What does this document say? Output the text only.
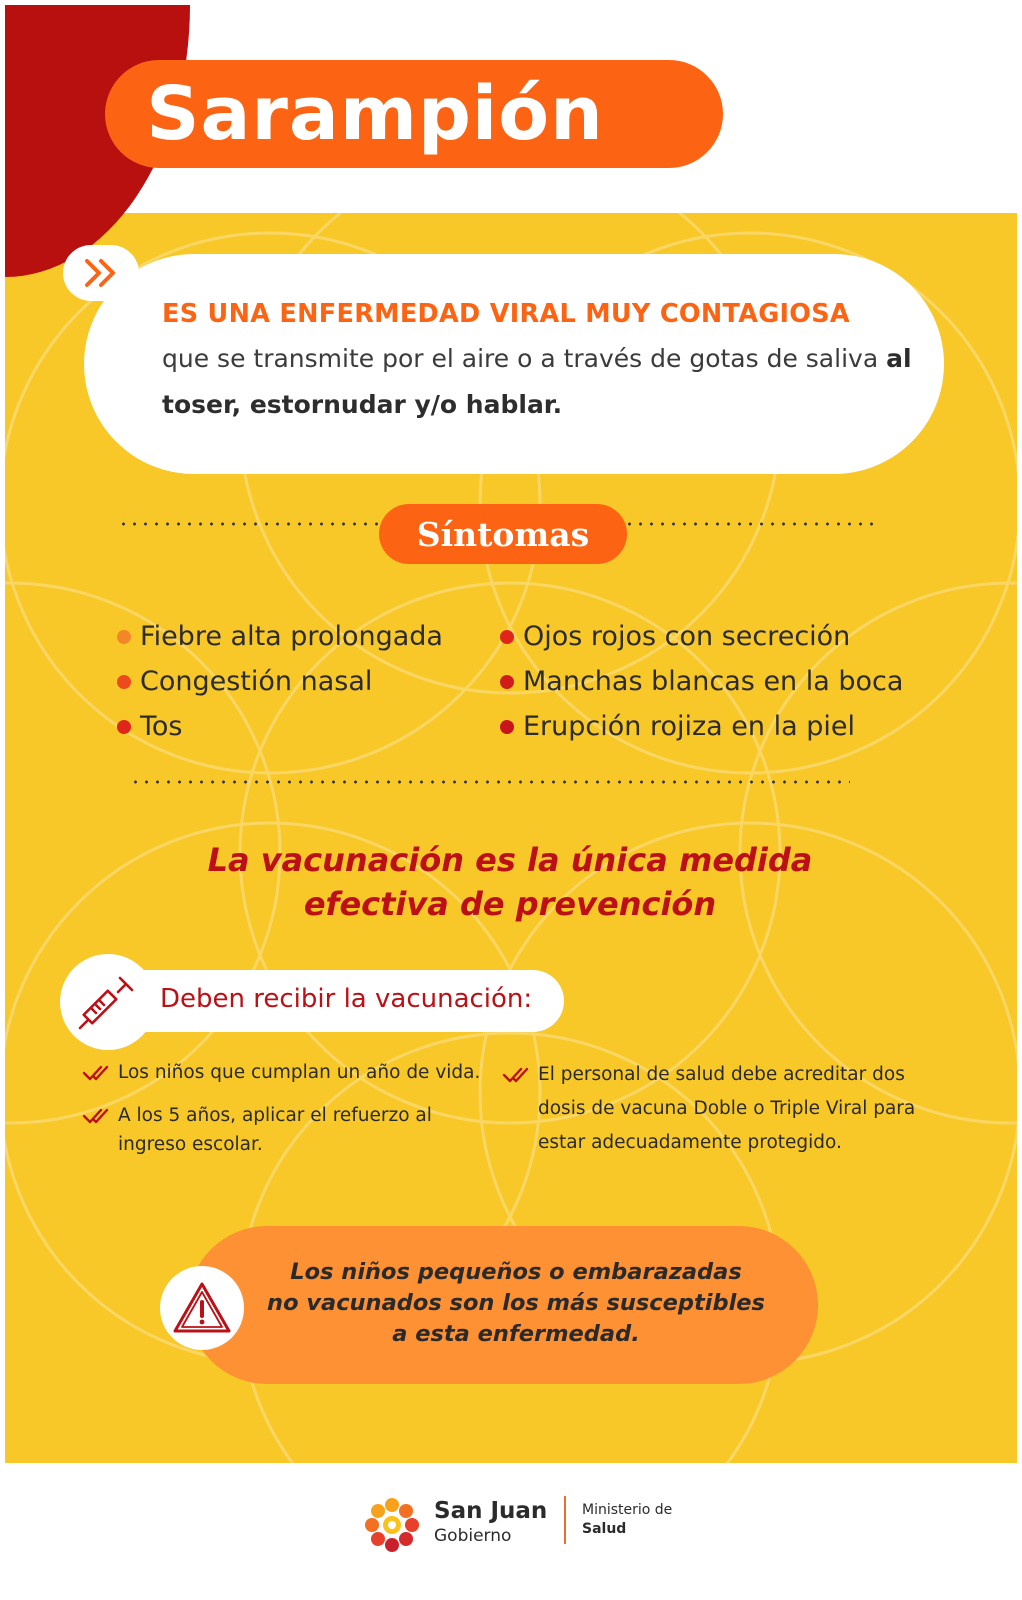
Sarampión
ES UNA ENFERMEDAD VIRAL MUY CONTAGIOSA
que se transmite por el aire o a través de gotas de saliva al toser, estornudar y/o hablar.
Síntomas
Fiebre alta prolongada
Congestión nasal
Tos
Ojos rojos con secreción
Manchas blancas en la boca
Erupción rojiza en la piel
La vacunación es la única medida
efectiva de prevención
Deben recibir la vacunación:
Los niños que cumplan un año de vida.
A los 5 años, aplicar el refuerzo al ingreso escolar.
El personal de salud debe acreditar dos dosis de vacuna Doble o Triple Viral para estar adecuadamente protegido.
Los niños pequeños o embarazadas
no vacunados son los más susceptibles
a esta enfermedad.
San Juan
Gobierno
Ministerio de
Salud
